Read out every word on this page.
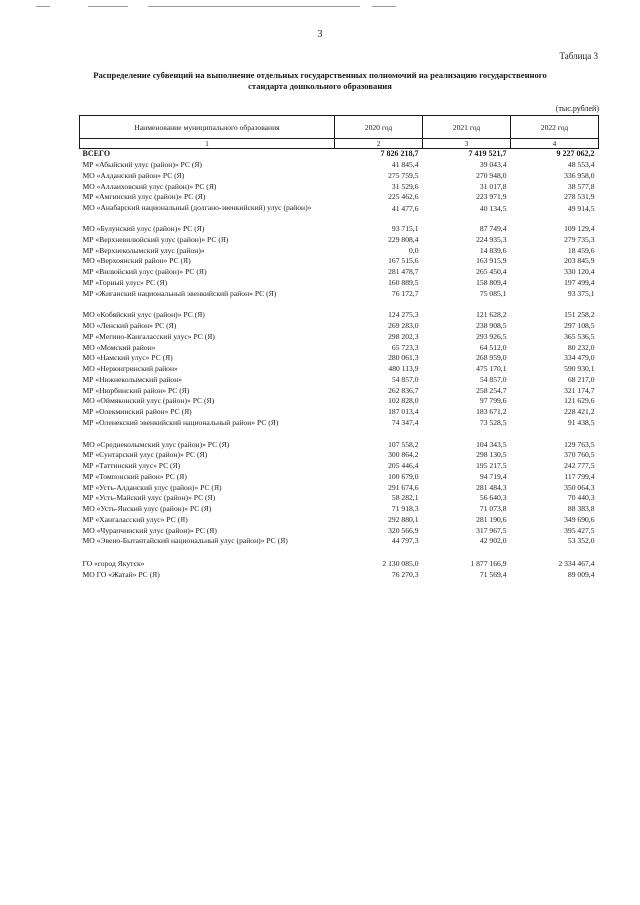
3
Таблица 3
Распределение субвенций на выполнение отдельных государственных полномочий на реализацию государственного
стандарта дошкольного образования
(тыс.рублей)
Наименование муниципального образования	2020 год	2021 год	2022 год
1	2	3	4
ВСЕГО	7 826 218,7	7 419 521,7	9 227 062,2
МР «Абыйский улус (район)» РС (Я)	41 845,4	39 043,4	48 553,4
МО «Алданский район» РС (Я)	275 759,5	270 948,0	336 958,0
МО «Аллаиховский улус (район)» РС (Я)	31 529,6	31 017,8	38 577,8
МР «Амгинский улус (район)» РС (Я)	225 462,6	223 971,9	278 531,9
МО «Анабарский национальный (долгано-эвенкийский) улус (район)»	41 477,6	40 134,5	49 914,5
МО «Булунский улус (район)» РС (Я)	93 715,1	87 749,4	109 129,4
МР «Верхневилюйский улус (район)» РС (Я)	229 808,4	224 935,3	279 735,3
МР «Верхнеколымский улус (район)»	0,0	14 839,6	18 459,6
МО «Верхоянский район» РС (Я)	167 515,6	163 915,9	203 845,9
МР «Вилюйский улус (район)» РС (Я)	281 478,7	265 450,4	330 120,4
МР «Горный улус» РС (Я)	160 889,5	158 809,4	197 499,4
МР «Жиганский национальный эвенкийский район» РС (Я)	76 172,7	75 085,1	93 375,1

МО «Кобяйский улус (район)» РС (Я)	124 275,3	121 628,2	151 258,2
МО «Ленский район» РС (Я)	269 283,0	238 908,5	297 108,5
МР «Мегино-Кангаласский улус» РС (Я)	298 202,3	293 926,5	365 536,5
МО «Момский район»	65 723,3	64 512,0	80 232,0
МО «Намский улус» РС (Я)	280 061,3	268 959,0	334 479,0
МО «Нерюнгринский район»	480 113,9	475 170,1	590 930,1
МР «Нижнеколымский район»	54 857,0	54 857,0	68 217,0
МР «Нюрбинский район» РС (Я)	262 836,7	258 254,7	321 174,7
МО «Оймяконский улус (район)» РС (Я)	102 828,0	97 799,6	121 629,6
МР «Олекминский район» РС (Я)	187 013,4	183 671,2	228 421,2
МР «Оленекский эвенкийский национальный район» РС (Я)	74 347,4	73 528,5	91 438,5

МО «Среднеколымский улус (район)» РС (Я)	107 558,2	104 343,5	129 763,5
МР «Сунтарский улус (район)» РС (Я)	300 864,2	298 130,5	370 760,5
МР «Таттинский улус» РС (Я)	205 446,4	195 217,5	242 777,5
МР «Томпонский район» РС (Я)	100 679,0	94 719,4	117 799,4
МР «Усть-Алданский улус (район)» РС (Я)	291 674,6	281 484,3	350 064,3
МР «Усть-Майский улус (район)» РС (Я)	58 282,1	56 640,3	70 440,3
МО «Усть-Янский улус (район)» РС (Я)	71 918,3	71 073,8	88 383,8
МР «Хангаласский улус» РС (Я)	292 880,1	281 190,6	349 690,6
МО «Чурапчинский улус (район)» РС (Я)	320 566,9	317 967,5	395 427,5
МО «Эвено-Бытантайский национальный улус (район)» РС (Я)	44 797,3	42 902,0	53 352,0

ГО «город Якутск»	2 130 085,0	1 877 166,9	2 334 467,4
МО ГО «Жатай» РС (Я)	76 270,3	71 569,4	89 009,4
